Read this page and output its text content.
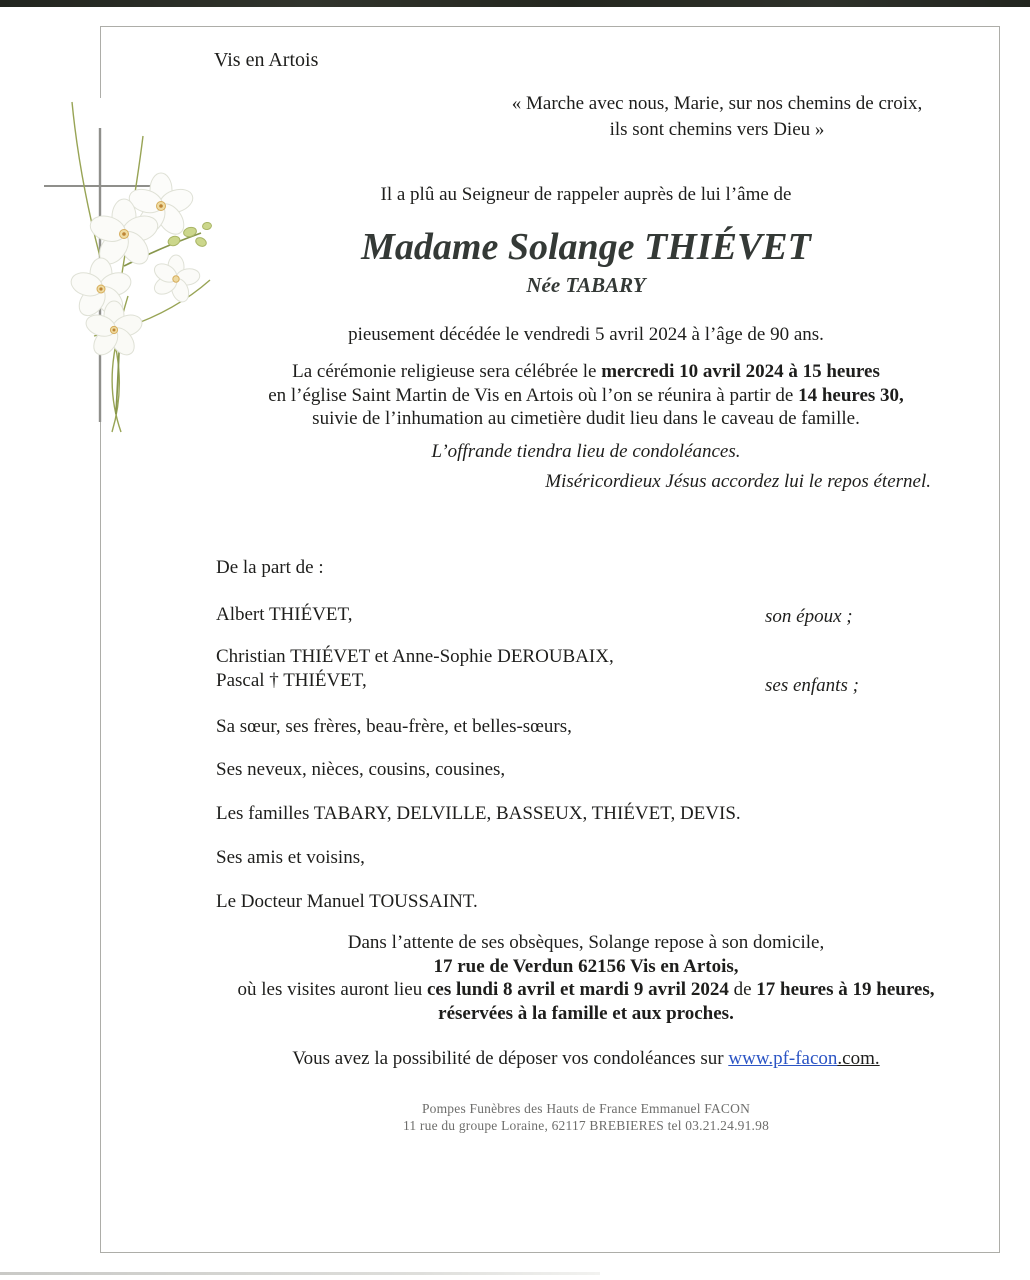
Vis en Artois
« Marche avec nous, Marie, sur nos chemins de croix,
ils sont chemins vers Dieu »
Il a plû au Seigneur de rappeler auprès de lui l’âme de
Madame Solange THIÉVET
Née TABARY
pieusement décédée le vendredi 5 avril 2024 à l’âge de 90 ans.
La cérémonie religieuse sera célébrée le mercredi 10 avril 2024 à 15 heures
en l’église Saint Martin de Vis en Artois où l’on se réunira à partir de 14 heures 30,
suivie de l’inhumation au cimetière dudit lieu dans le caveau de famille.
L’offrande tiendra lieu de condoléances.
Miséricordieux Jésus accordez lui le repos éternel.
De la part de :
Albert THIÉVET,	son époux ;
Christian THIÉVET et Anne-Sophie DEROUBAIX,
Pascal † THIÉVET,	ses enfants ;
Sa sœur, ses frères, beau-frère, et belles-sœurs,
Ses neveux, nièces, cousins, cousines,
Les familles TABARY, DELVILLE, BASSEUX, THIÉVET, DEVIS.
Ses amis et voisins,
Le Docteur Manuel TOUSSAINT.
Dans l’attente de ses obsèques, Solange repose à son domicile,
17 rue de Verdun 62156 Vis en Artois,
où les visites auront lieu ces lundi 8 avril et mardi 9 avril 2024 de 17 heures à 19 heures,
réservées à la famille et aux proches.
Vous avez la possibilité de déposer vos condoléances sur www.pf-facon.com.
Pompes Funèbres des Hauts de France Emmanuel FACON
11 rue du groupe Loraine, 62117 BREBIERES tel 03.21.24.91.98
